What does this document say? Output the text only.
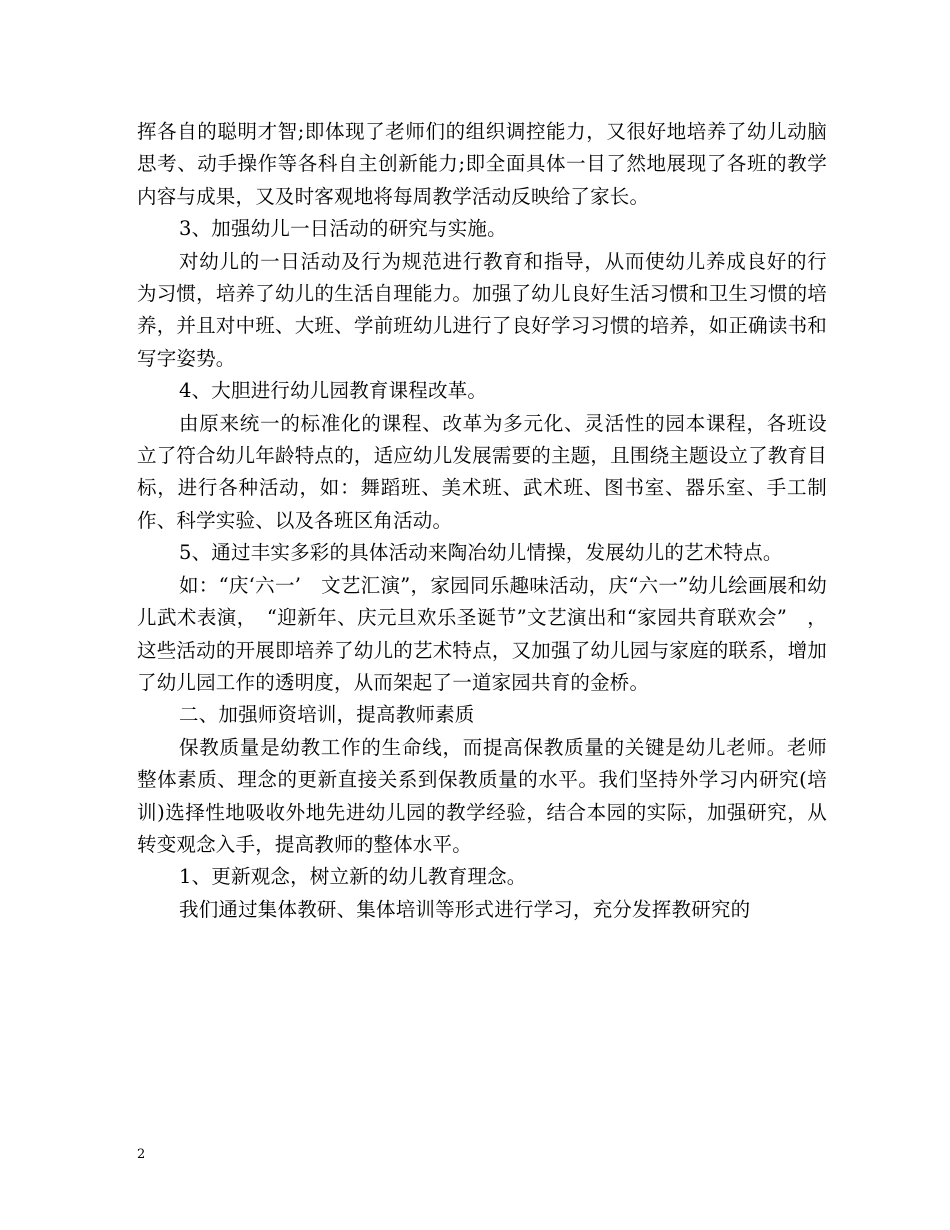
挥各自的聪明才智;即体现了老师们的组织调控能力，又很好地培养了幼儿动脑思考、动手操作等各科自主创新能力;即全面具体一目了然地展现了各班的教学内容与成果，又及时客观地将每周教学活动反映给了家长。

3、加强幼儿一日活动的研究与实施。

对幼儿的一日活动及行为规范进行教育和指导，从而使幼儿养成良好的行为习惯，培养了幼儿的生活自理能力。加强了幼儿良好生活习惯和卫生习惯的培养，并且对中班、大班、学前班幼儿进行了良好学习习惯的培养，如正确读书和写字姿势。

4、大胆进行幼儿园教育课程改革。

由原来统一的标准化的课程、改革为多元化、灵活性的园本课程，各班设立了符合幼儿年龄特点的，适应幼儿发展需要的主题，且围绕主题设立了教育目标，进行各种活动，如：舞蹈班、美术班、武术班、图书室、器乐室、手工制作、科学实验、以及各班区角活动。

5、通过丰实多彩的具体活动来陶冶幼儿情操，发展幼儿的艺术特点。

如：“庆‘六一’　文艺汇演”，家园同乐趣味活动，庆“六一”幼儿绘画展和幼儿武术表演，　“迎新年、庆元旦欢乐圣诞节”文艺演出和“家园共育联欢会”　，这些活动的开展即培养了幼儿的艺术特点，又加强了幼儿园与家庭的联系，增加了幼儿园工作的透明度，从而架起了一道家园共育的金桥。

二、加强师资培训，提高教师素质

保教质量是幼教工作的生命线，而提高保教质量的关键是幼儿老师。老师整体素质、理念的更新直接关系到保教质量的水平。我们坚持外学习内研究(培训)选择性地吸收外地先进幼儿园的教学经验，结合本园的实际，加强研究，从转变观念入手，提高教师的整体水平。

1、更新观念，树立新的幼儿教育理念。

我们通过集体教研、集体培训等形式进行学习，充分发挥教研究的

2
